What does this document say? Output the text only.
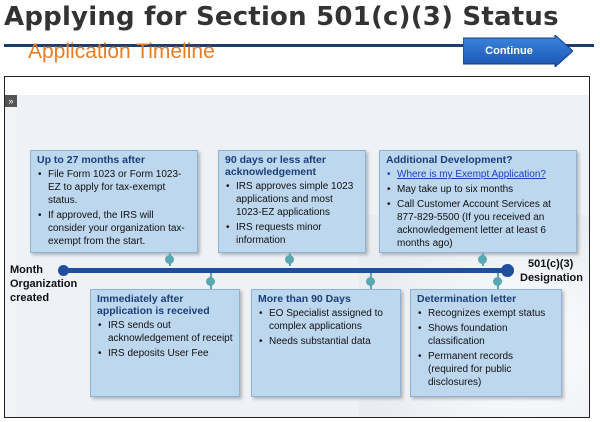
Applying for Section 501(c)(3) Status
»
Application Timeline	Continue
Up to 27 months after
• File Form 1023 or Form 1023-EZ to apply for tax-exempt status.
• If approved, the IRS will consider your organization tax-exempt from the start.
90 days or less after acknowledgement
• IRS approves simple 1023 applications and most 1023-EZ applications
• IRS requests minor information
Additional Development?
• Where is my Exempt Application?
• May take up to six months
• Call Customer Account Services at 877-829-5500 (If you received an acknowledgement letter at least 6 months ago)
Month
Organization
created
501(c)(3)
Designation
Immediately after application is received
• IRS sends out acknowledgement of receipt
• IRS deposits User Fee
More than 90 Days
• EO Specialist assigned to complex applications
• Needs substantial data
Determination letter
• Recognizes exempt status
• Shows foundation classification
• Permanent records (required for public disclosures)
